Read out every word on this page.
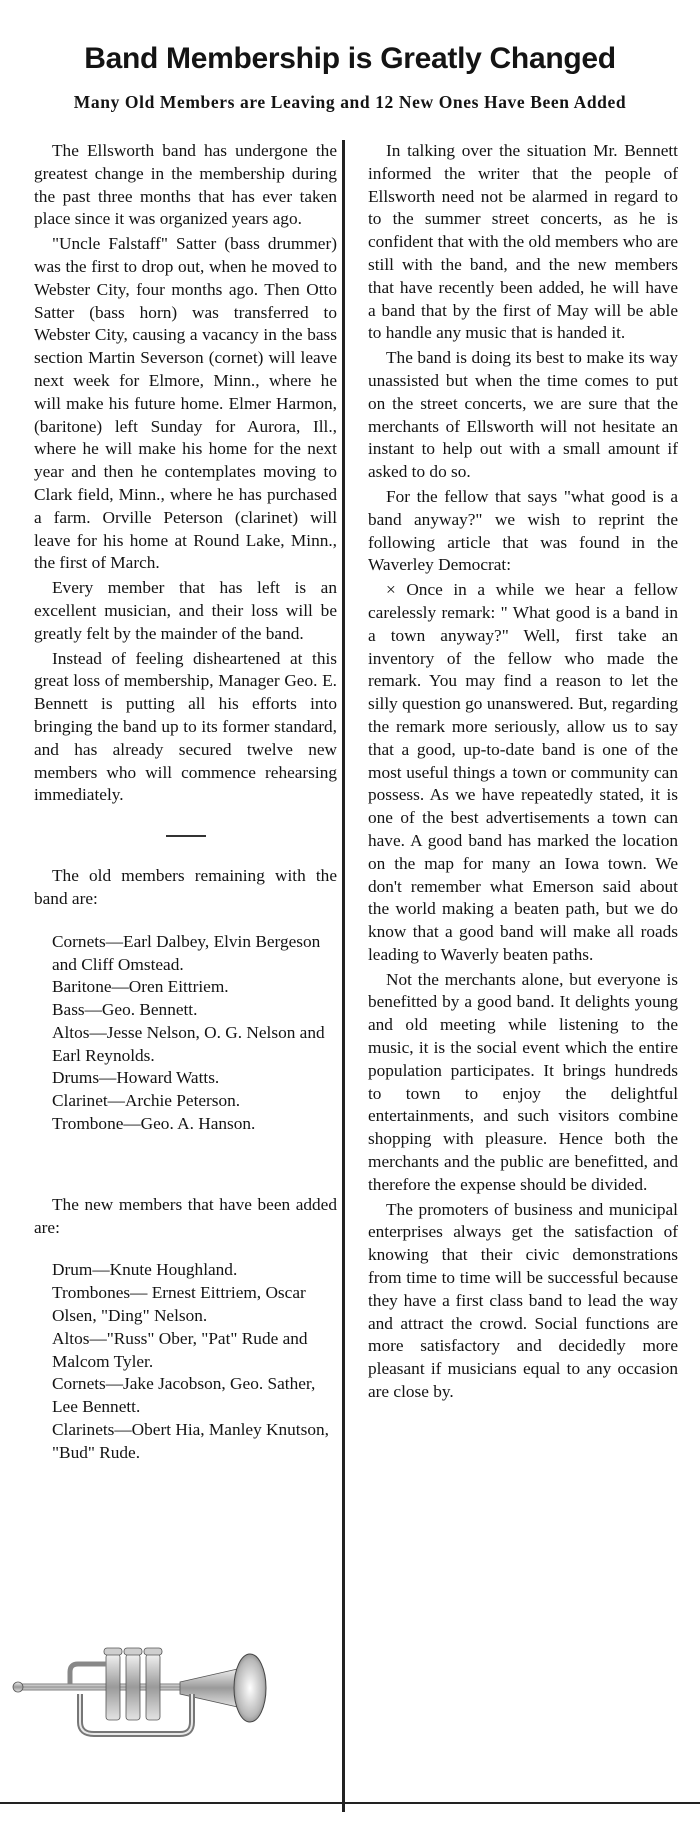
Band Membership is Greatly Changed
Many Old Members are Leaving and 12 New Ones Have Been Added

The Ellsworth band has undergone the greatest change in the membership during the past three months that has ever taken place since it was organized years ago.

"Uncle Falstaff" Satter (bass drummer) was the first to drop out, when he moved to Webster City, four months ago. Then Otto Satter (bass horn) was transferred to Webster City, causing a vacancy in the bass section Martin Severson (cornet) will leave next week for Elmore, Minn., where he will make his future home. Elmer Harmon, (baritone) left Sunday for Aurora, Ill., where he will make his home for the next year and then he contemplates moving to Clark field, Minn., where he has purchased a farm. Orville Peterson (clarinet) will leave for his home at Round Lake, Minn., the first of March.

Every member that has left is an excellent musician, and their loss will be greatly felt by the mainder of the band.

Instead of feeling disheartened at this great loss of membership, Manager Geo. E. Bennett is putting all his efforts into bringing the band up to its former standard, and has already secured twelve new members who will commence rehearsing immediately.

The old members remaining with the band are:

Cornets—Earl Dalbey, Elvin Bergeson and Cliff Omstead.
Baritone—Oren Eittriem.
Bass—Geo. Bennett.
Altos—Jesse Nelson, O. G. Nelson and Earl Reynolds.
Drums—Howard Watts.
Clarinet—Archie Peterson.
Trombone—Geo. A. Hanson.

The new members that have been added are:

Drum—Knute Houghland.
Trombones— Ernest Eittriem, Oscar Olsen, "Ding" Nelson.
Altos—"Russ" Ober, "Pat" Rude and Malcom Tyler.
Cornets—Jake Jacobson, Geo. Sather, Lee Bennett.
Clarinets—Obert Hia, Manley Knutson, "Bud" Rude.

In talking over the situation Mr. Bennett informed the writer that the people of Ellsworth need not be alarmed in regard to to the summer street concerts, as he is confident that with the old members who are still with the band, and the new members that have recently been added, he will have a band that by the first of May will be able to handle any music that is handed it.

The band is doing its best to make its way unassisted but when the time comes to put on the street concerts, we are sure that the merchants of Ellsworth will not hesitate an instant to help out with a small amount if asked to do so.

For the fellow that says "what good is a band anyway?" we wish to reprint the following article that was found in the Waverley Democrat:

× Once in a while we hear a fellow carelessly remark: " What good is a band in a town anyway?" Well, first take an inventory of the fellow who made the remark. You may find a reason to let the silly question go unanswered. But, regarding the remark more seriously, allow us to say that a good, up-to-date band is one of the most useful things a town or community can possess. As we have repeatedly stated, it is one of the best advertisements a town can have. A good band has marked the location on the map for many an Iowa town. We don't remember what Emerson said about the world making a beaten path, but we do know that a good band will make all roads leading to Waverly beaten paths.

Not the merchants alone, but everyone is benefitted by a good band. It delights young and old meeting while listening to the music, it is the social event which the entire population participates. It brings hundreds to town to enjoy the delightful entertainments, and such visitors combine shopping with pleasure. Hence both the merchants and the public are benefitted, and therefore the expense should be divided.

The promoters of business and municipal enterprises always get the satisfaction of knowing that their civic demonstrations from time to time will be successful because they have a first class band to lead the way and attract the crowd. Social functions are more satisfactory and decidedly more pleasant if musicians equal to any occasion are close by.
